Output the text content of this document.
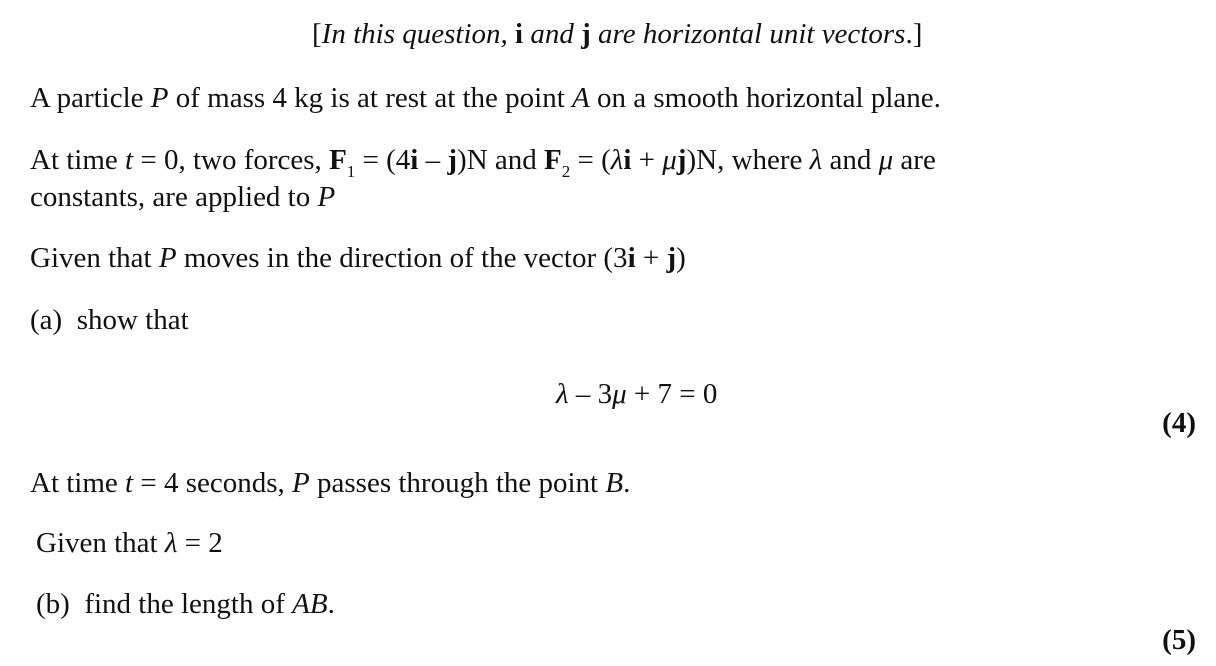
[In this question, i and j are horizontal unit vectors.]
A particle P of mass 4 kg is at rest at the point A on a smooth horizontal plane.
At time t = 0, two forces, $F_1 = (4i - j)N$ and $F_2 = (\lambda i + \mu j)N$, where λ and μ are
constants, are applied to P
Given that P moves in the direction of the vector (3i + j)
(a) show that
λ – 3μ + 7 = 0
(4)
At time t = 4 seconds, P passes through the point B.
Given that λ = 2
(b) find the length of AB.
(5)
